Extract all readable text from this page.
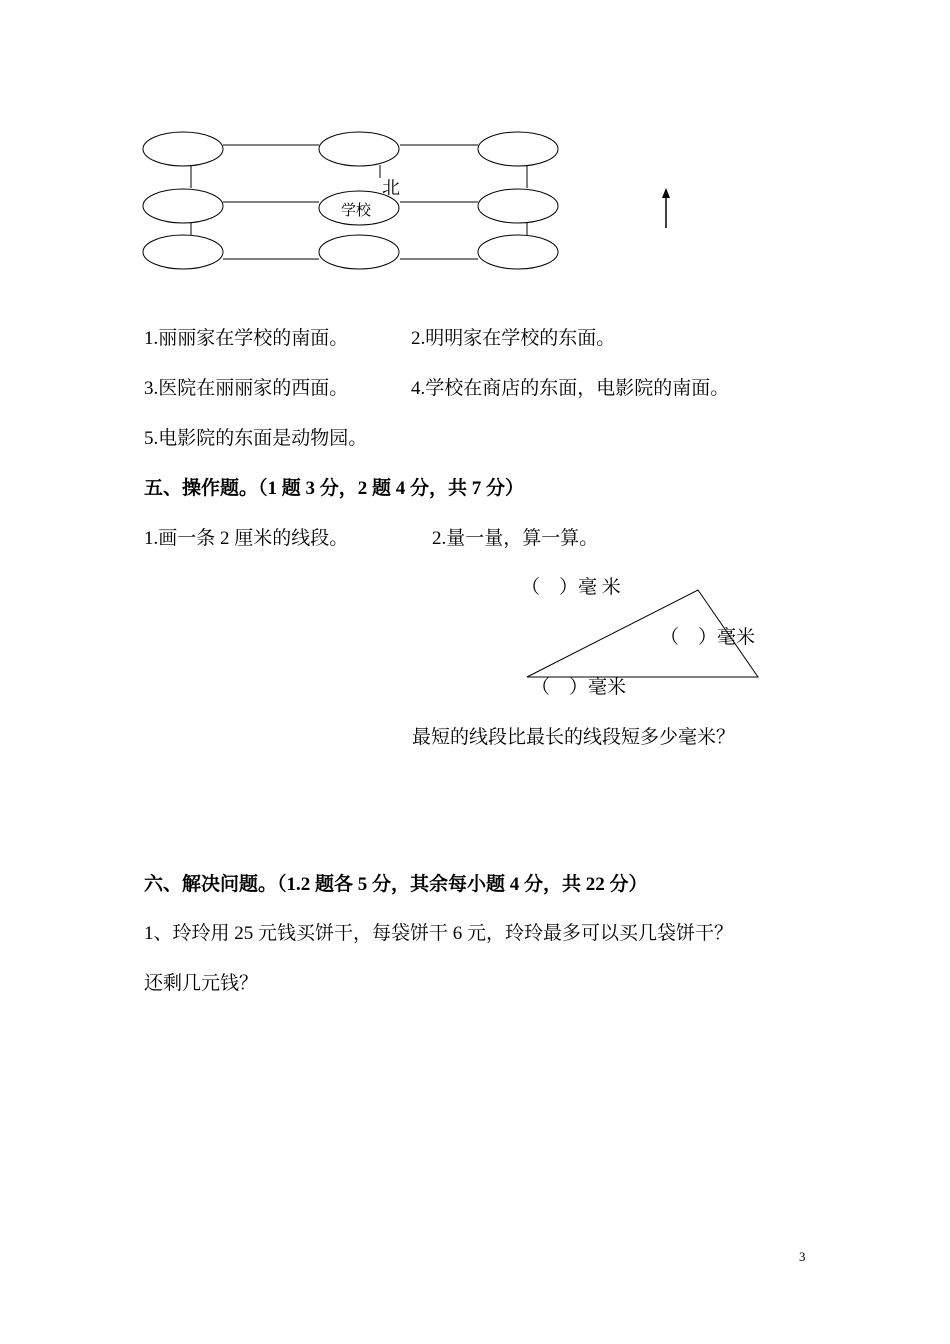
学校
北
1.丽丽家在学校的南面。	2.明明家在学校的东面。
3.医院在丽丽家的西面。	4.学校在商店的东面，电影院的南面。
5.电影院的东面是动物园。
五、操作题。（1 题 3 分，2 题 4 分，共 7 分）
1.画一条 2 厘米的线段。	2.量一量，算一算。
（　）毫 米
（　）毫米
（　）毫米
最短的线段比最长的线段短多少毫米？
六、解决问题。（1.2 题各 5 分，其余每小题 4 分，共 22 分）
1、玲玲用 25 元钱买饼干，每袋饼干 6 元，玲玲最多可以买几袋饼干？
还剩几元钱？
3
